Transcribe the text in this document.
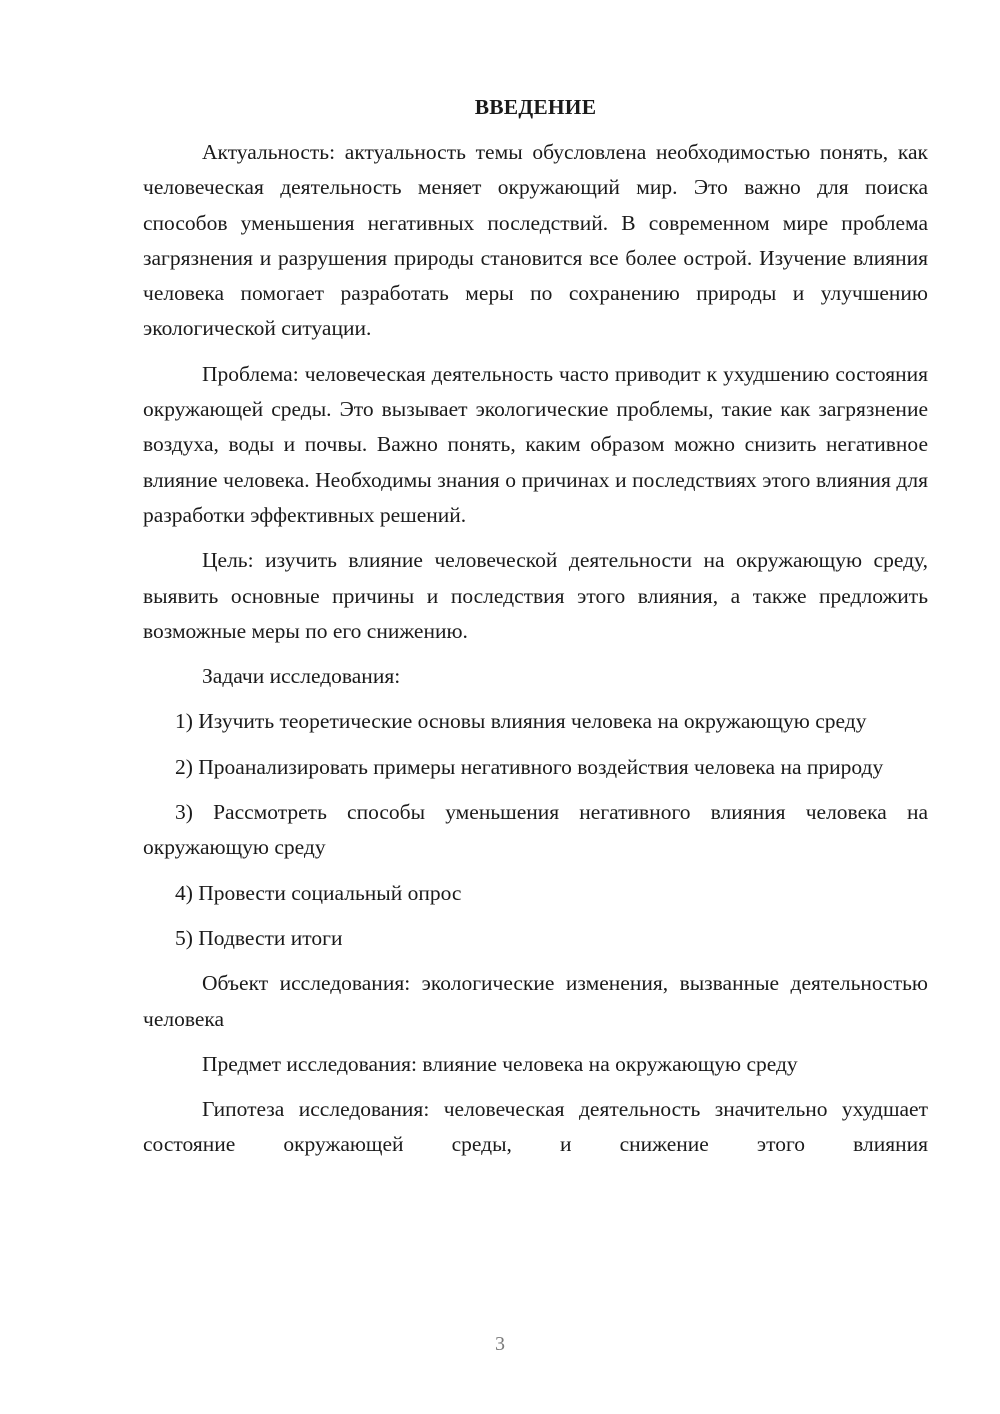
ВВЕДЕНИЕ

Актуальность: актуальность темы обусловлена необходимостью понять, как человеческая деятельность меняет окружающий мир. Это важно для поиска способов уменьшения негативных последствий. В современном мире проблема загрязнения и разрушения природы становится все более острой. Изучение влияния человека помогает разработать меры по сохранению природы и улучшению экологической ситуации.

Проблема: человеческая деятельность часто приводит к ухудшению состояния окружающей среды. Это вызывает экологические проблемы, такие как загрязнение воздуха, воды и почвы. Важно понять, каким образом можно снизить негативное влияние человека. Необходимы знания о причинах и последствиях этого влияния для разработки эффективных решений.

Цель: изучить влияние человеческой деятельности на окружающую среду, выявить основные причины и последствия этого влияния, а также предложить возможные меры по его снижению.

Задачи исследования:

1) Изучить теоретические основы влияния человека на окружающую среду

2) Проанализировать примеры негативного воздействия человека на природу

3) Рассмотреть способы уменьшения негативного влияния человека на окружающую среду

4) Провести социальный опрос

5) Подвести итоги

Объект исследования: экологические изменения, вызванные деятельностью человека

Предмет исследования: влияние человека на окружающую среду

Гипотеза исследования: человеческая деятельность значительно ухудшает состояние окружающей среды, и снижение этого влияния

3
